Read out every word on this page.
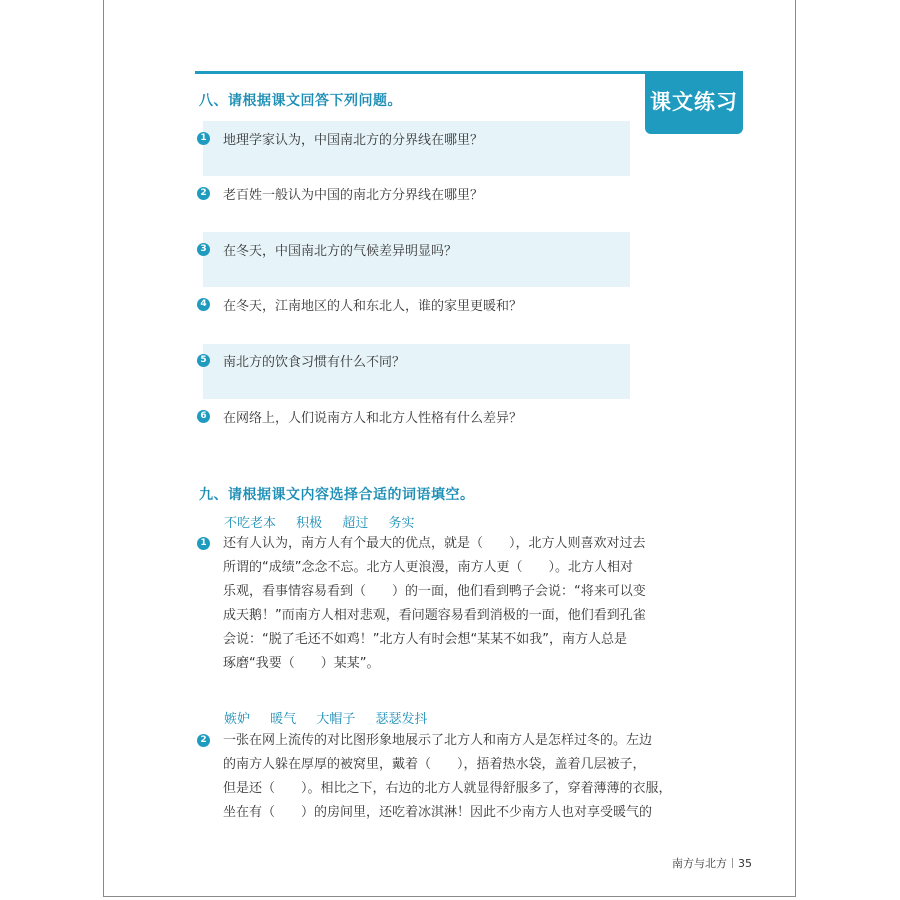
课文练习
八、请根据课文回答下列问题。
1 地理学家认为，中国南北方的分界线在哪里？
2 老百姓一般认为中国的南北方分界线在哪里？
3 在冬天，中国南北方的气候差异明显吗？
4 在冬天，江南地区的人和东北人，谁的家里更暖和？
5 南北方的饮食习惯有什么不同？
6 在网络上，人们说南方人和北方人性格有什么差异？
九、请根据课文内容选择合适的词语填空。
不吃老本 积极 超过 务实
1 还有人认为，南方人有个最大的优点，就是（　　），北方人则喜欢对过去
所谓的“成绩”念念不忘。北方人更浪漫，南方人更（　　）。北方人相对
乐观，看事情容易看到（　　）的一面，他们看到鸭子会说：“将来可以变
成天鹅！”而南方人相对悲观，看问题容易看到消极的一面，他们看到孔雀
会说：“脱了毛还不如鸡！”北方人有时会想“某某不如我”，南方人总是
琢磨“我要（　　）某某”。
嫉妒 暖气 大帽子 瑟瑟发抖
2 一张在网上流传的对比图形象地展示了北方人和南方人是怎样过冬的。左边
的南方人躲在厚厚的被窝里，戴着（　　），捂着热水袋，盖着几层被子，
但是还（　　）。相比之下，右边的北方人就显得舒服多了，穿着薄薄的衣服，
坐在有（　　）的房间里，还吃着冰淇淋！因此不少南方人也对享受暖气的
南方与北方 35
